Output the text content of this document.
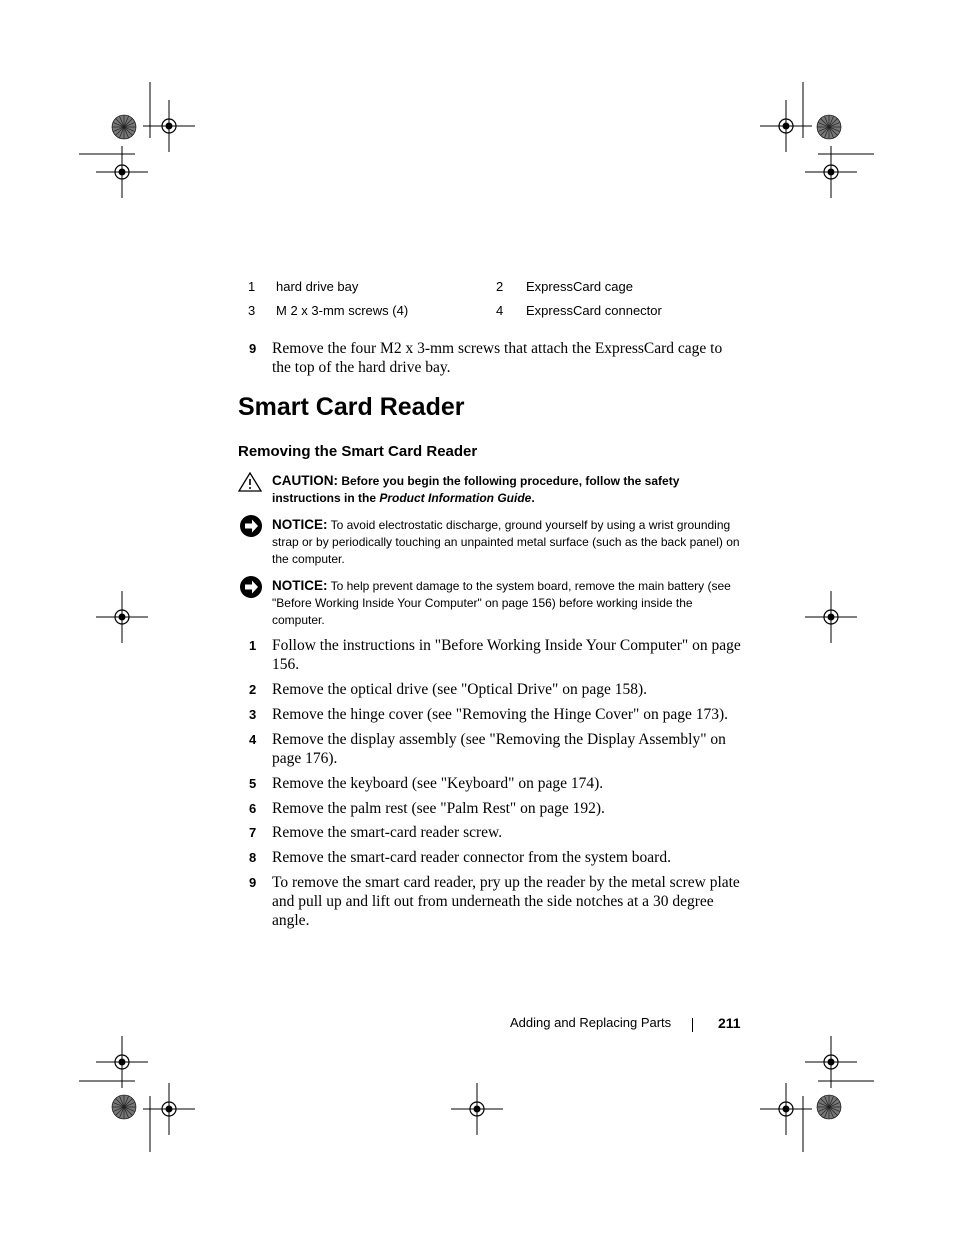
1 hard drive bay	2 ExpressCard cage
3 M 2 x 3-mm screws (4)	4 ExpressCard connector
9 Remove the four M2 x 3-mm screws that attach the ExpressCard cage to the top of the hard drive bay.
Smart Card Reader
Removing the Smart Card Reader
CAUTION: Before you begin the following procedure, follow the safety instructions in the Product Information Guide.
NOTICE: To avoid electrostatic discharge, ground yourself by using a wrist grounding strap or by periodically touching an unpainted metal surface (such as the back panel) on the computer.
NOTICE: To help prevent damage to the system board, remove the main battery (see "Before Working Inside Your Computer" on page 156) before working inside the computer.
1 Follow the instructions in "Before Working Inside Your Computer" on page 156.
2 Remove the optical drive (see "Optical Drive" on page 158).
3 Remove the hinge cover (see "Removing the Hinge Cover" on page 173).
4 Remove the display assembly (see "Removing the Display Assembly" on page 176).
5 Remove the keyboard (see "Keyboard" on page 174).
6 Remove the palm rest (see "Palm Rest" on page 192).
7 Remove the smart-card reader screw.
8 Remove the smart-card reader connector from the system board.
9 To remove the smart card reader, pry up the reader by the metal screw plate and pull up and lift out from underneath the side notches at a 30 degree angle.
Adding and Replacing Parts	211
